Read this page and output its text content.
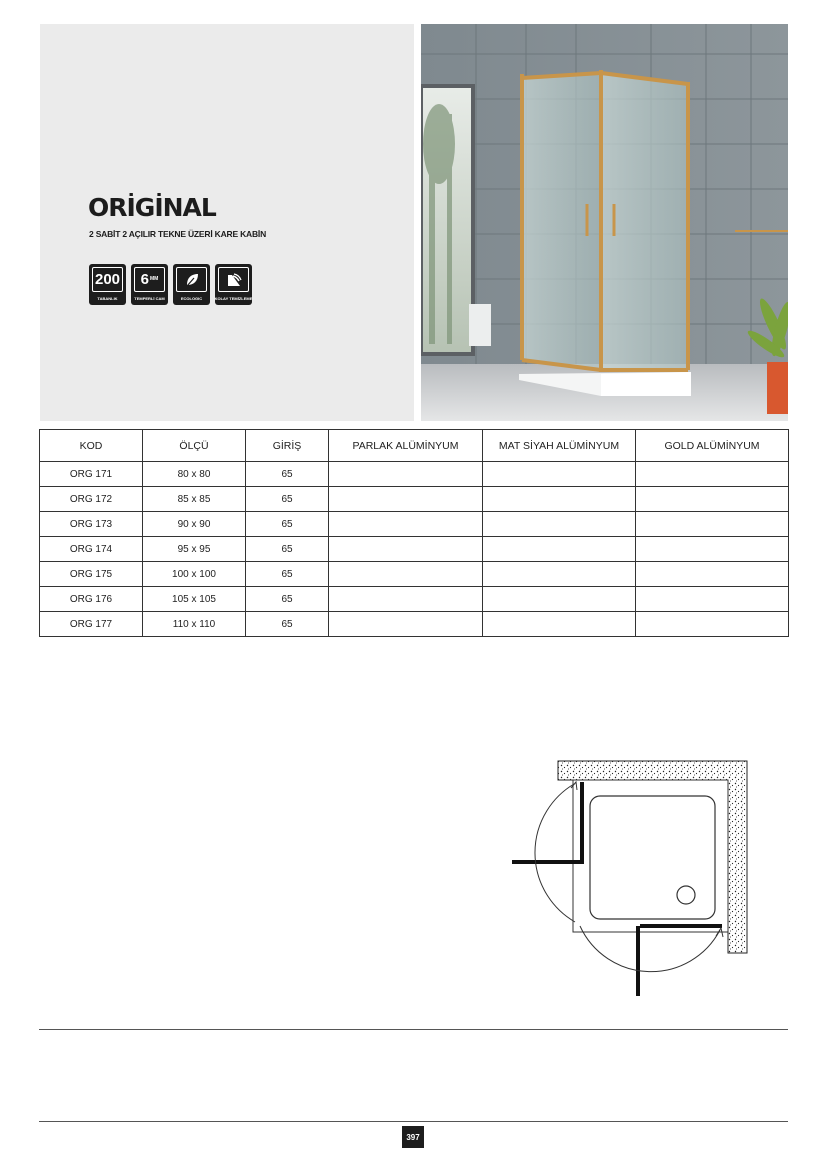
ORİGİNAL
2 SABİT 2 AÇILIR TEKNE ÜZERİ KARE KABİN
200
TABANLIK
6 MM
TEMPERLİ CAM	ECOLOGIC	KOLAY TEMİZLEME
KOD	ÖLÇÜ	GİRİŞ	PARLAK ALÜMİNYUM	MAT SİYAH ALÜMİNYUM	GOLD ALÜMİNYUM
ORG 171	80 x 80	65			
ORG 172	85 x 85	65			
ORG 173	90 x 90	65			
ORG 174	95 x 95	65			
ORG 175	100 x 100	65			
ORG 176	105 x 105	65			
ORG 177	110 x 110	65			
397
